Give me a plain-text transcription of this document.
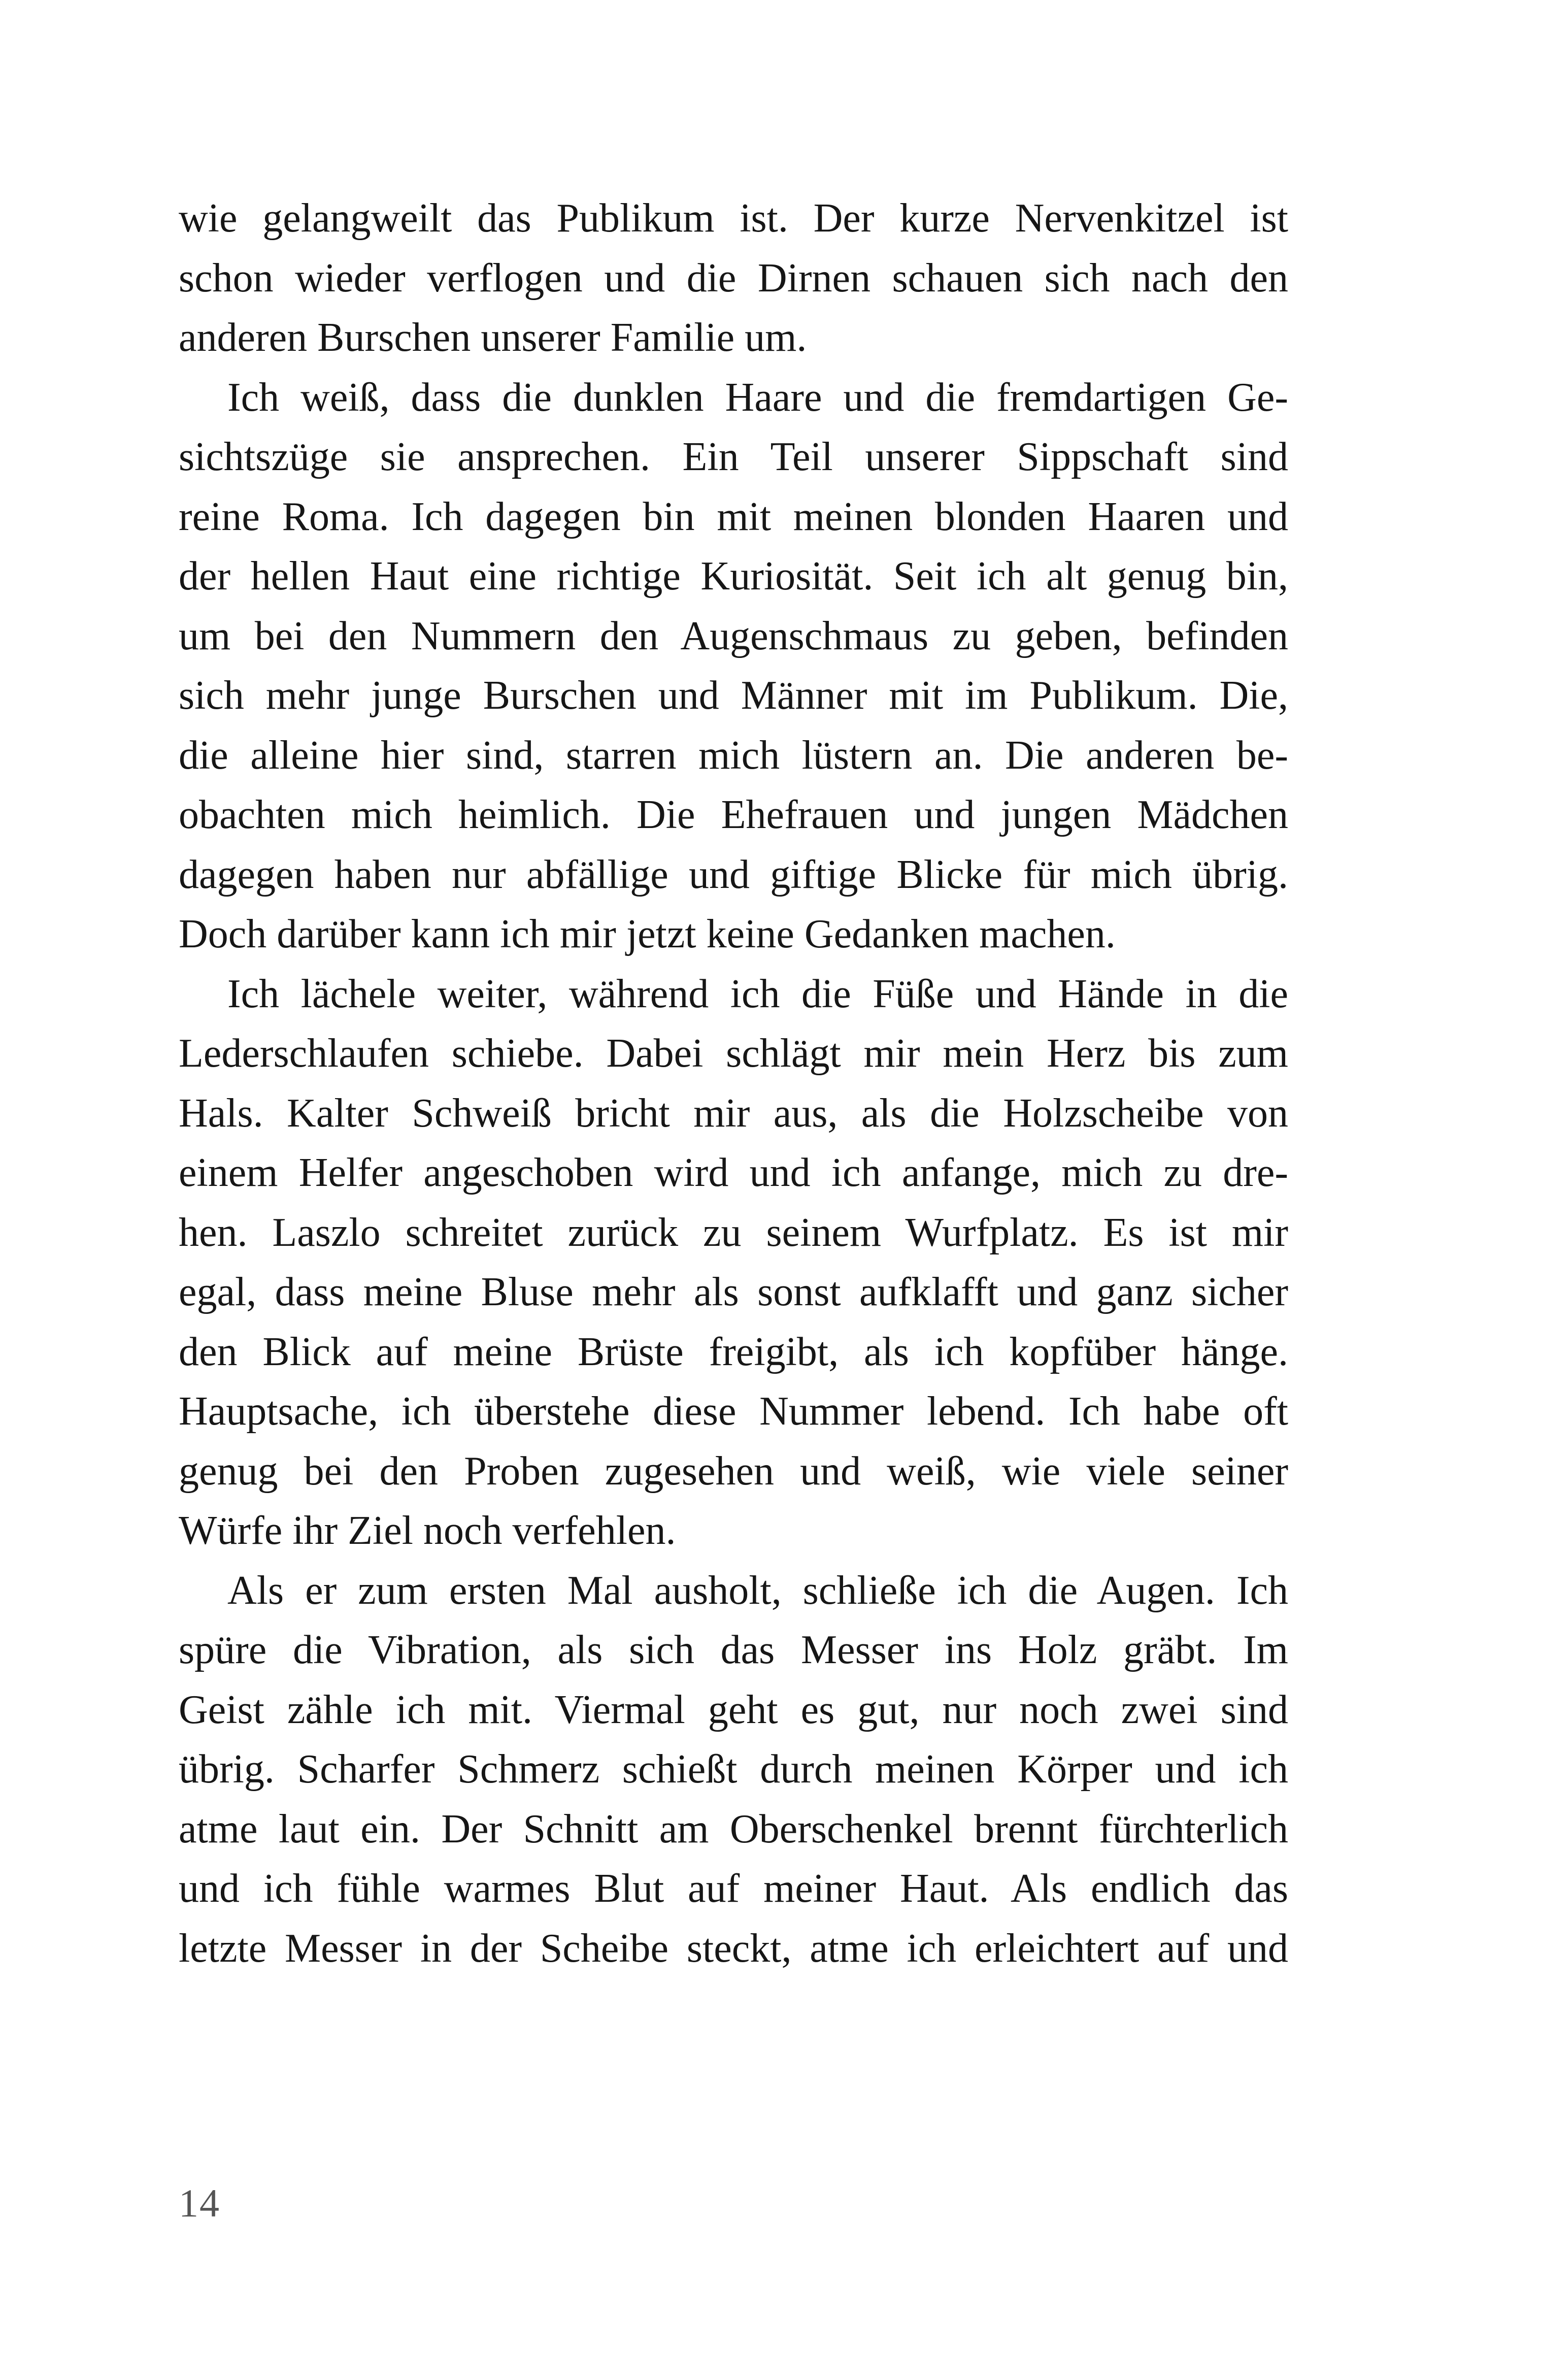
wie gelangweilt das Publikum ist. Der kurze Nervenkitzel ist
schon wieder verflogen und die Dirnen schauen sich nach den
anderen Burschen unserer Familie um.
Ich weiß, dass die dunklen Haare und die fremdartigen Ge-
sichtszüge sie ansprechen. Ein Teil unserer Sippschaft sind
reine Roma. Ich dagegen bin mit meinen blonden Haaren und
der hellen Haut eine richtige Kuriosität. Seit ich alt genug bin,
um bei den Nummern den Augenschmaus zu geben, befinden
sich mehr junge Burschen und Männer mit im Publikum. Die,
die alleine hier sind, starren mich lüstern an. Die anderen be-
obachten mich heimlich. Die Ehefrauen und jungen Mädchen
dagegen haben nur abfällige und giftige Blicke für mich übrig.
Doch darüber kann ich mir jetzt keine Gedanken machen.
Ich lächele weiter, während ich die Füße und Hände in die
Lederschlaufen schiebe. Dabei schlägt mir mein Herz bis zum
Hals. Kalter Schweiß bricht mir aus, als die Holzscheibe von
einem Helfer angeschoben wird und ich anfange, mich zu dre-
hen. Laszlo schreitet zurück zu seinem Wurfplatz. Es ist mir
egal, dass meine Bluse mehr als sonst aufklafft und ganz sicher
den Blick auf meine Brüste freigibt, als ich kopfüber hänge.
Hauptsache, ich überstehe diese Nummer lebend. Ich habe oft
genug bei den Proben zugesehen und weiß, wie viele seiner
Würfe ihr Ziel noch verfehlen.
Als er zum ersten Mal ausholt, schließe ich die Augen. Ich
spüre die Vibration, als sich das Messer ins Holz gräbt. Im
Geist zähle ich mit. Viermal geht es gut, nur noch zwei sind
übrig. Scharfer Schmerz schießt durch meinen Körper und ich
atme laut ein. Der Schnitt am Oberschenkel brennt fürchterlich
und ich fühle warmes Blut auf meiner Haut. Als endlich das
letzte Messer in der Scheibe steckt, atme ich erleichtert auf und
14
